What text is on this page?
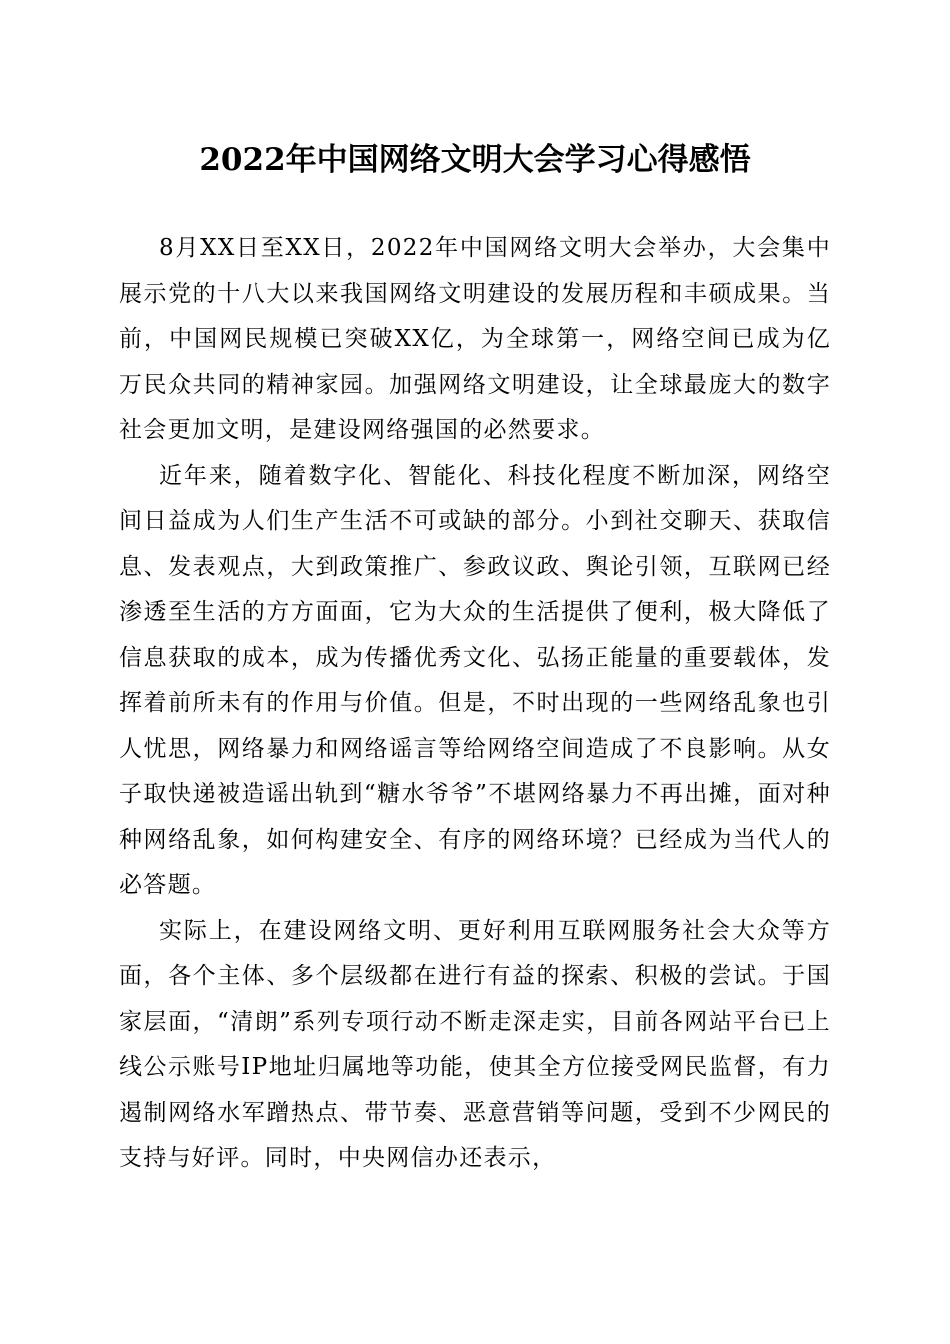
2022年中国网络文明大会学习心得感悟

8月XX日至XX日，2022年中国网络文明大会举办，大会集中展示党的十八大以来我国网络文明建设的发展历程和丰硕成果。当前，中国网民规模已突破XX亿，为全球第一，网络空间已成为亿万民众共同的精神家园。加强网络文明建设，让全球最庞大的数字社会更加文明，是建设网络强国的必然要求。

近年来，随着数字化、智能化、科技化程度不断加深，网络空间日益成为人们生产生活不可或缺的部分。小到社交聊天、获取信息、发表观点，大到政策推广、参政议政、舆论引领，互联网已经渗透至生活的方方面面，它为大众的生活提供了便利，极大降低了信息获取的成本，成为传播优秀文化、弘扬正能量的重要载体，发挥着前所未有的作用与价值。但是，不时出现的一些网络乱象也引人忧思，网络暴力和网络谣言等给网络空间造成了不良影响。从女子取快递被造谣出轨到“糖水爷爷”不堪网络暴力不再出摊，面对种种网络乱象，如何构建安全、有序的网络环境？已经成为当代人的必答题。

实际上，在建设网络文明、更好利用互联网服务社会大众等方面，各个主体、多个层级都在进行有益的探索、积极的尝试。于国家层面，“清朗”系列专项行动不断走深走实，目前各网站平台已上线公示账号IP地址归属地等功能，使其全方位接受网民监督，有力遏制网络水军蹭热点、带节奏、恶意营销等问题，受到不少网民的支持与好评。同时，中央网信办还表示，
